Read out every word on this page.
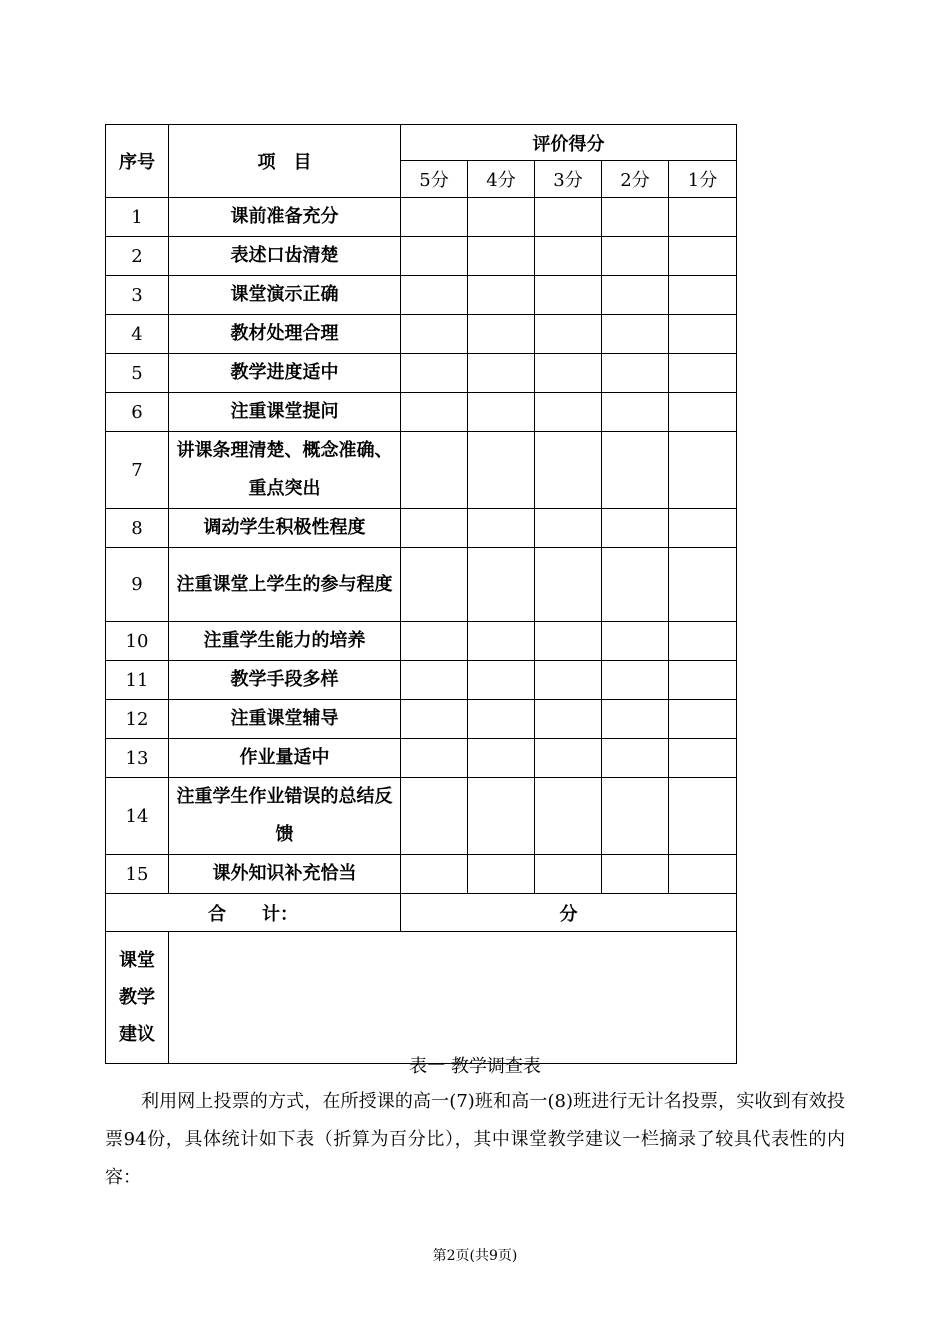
序号	项　目	评价得分				
		5分	4分	3分	2分	1分
1	课前准备充分					
2	表述口齿清楚					
3	课堂演示正确					
4	教材处理合理					
5	教学进度适中					
6	注重课堂提问					
7	讲课条理清楚、概念准确、重点突出					
8	调动学生积极性程度					
9	注重课堂上学生的参与程度					
10	注重学生能力的培养					
11	教学手段多样					
12	注重课堂辅导					
13	作业量适中					
14	注重学生作业错误的总结反馈					
15	课外知识补充恰当					
合　　计：		分				
课堂
教学
建议						
表一 教学调查表

利用网上投票的方式，在所授课的高一(7)班和高一(8)班进行无计名投票，实收到有效投票94份，具体统计如下表（折算为百分比），其中课堂教学建议一栏摘录了较具代表性的内容：

第2页(共9页)
